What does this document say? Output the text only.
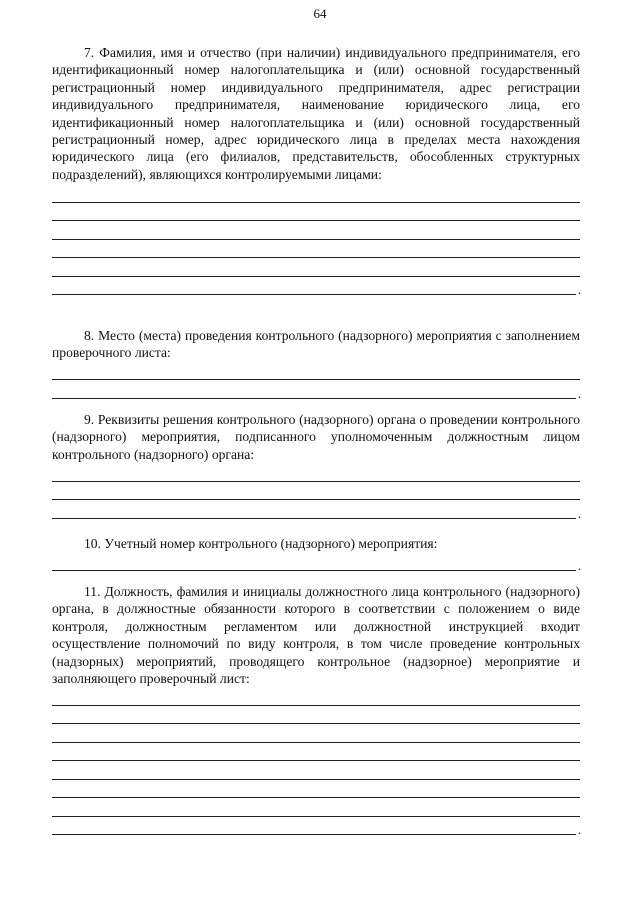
64

7. Фамилия, имя и отчество (при наличии) индивидуального предпринимателя, его идентификационный номер налогоплательщика и (или) основной государственный регистрационный номер индивидуального предпринимателя, адрес регистрации индивидуального предпринимателя, наименование юридического лица, его идентификационный номер налогоплательщика и (или) основной государственный регистрационный номер, адрес юридического лица в пределах места нахождения юридического лица (его филиалов, представительств, обособленных структурных подразделений), являющихся контролируемыми лицами:

.

8. Место (места) проведения контрольного (надзорного) мероприятия с заполнением проверочного листа:

.

9. Реквизиты решения контрольного (надзорного) органа о проведении контрольного (надзорного) мероприятия, подписанного уполномоченным должностным лицом контрольного (надзорного) органа:

.

10. Учетный номер контрольного (надзорного) мероприятия:

.

11. Должность, фамилия и инициалы должностного лица контрольного (надзорного) органа, в должностные обязанности которого в соответствии с положением о виде контроля, должностным регламентом или должностной инструкцией входит осуществление полномочий по виду контроля, в том числе проведение контрольных (надзорных) мероприятий, проводящего контрольное (надзорное) мероприятие и заполняющего проверочный лист:

.
